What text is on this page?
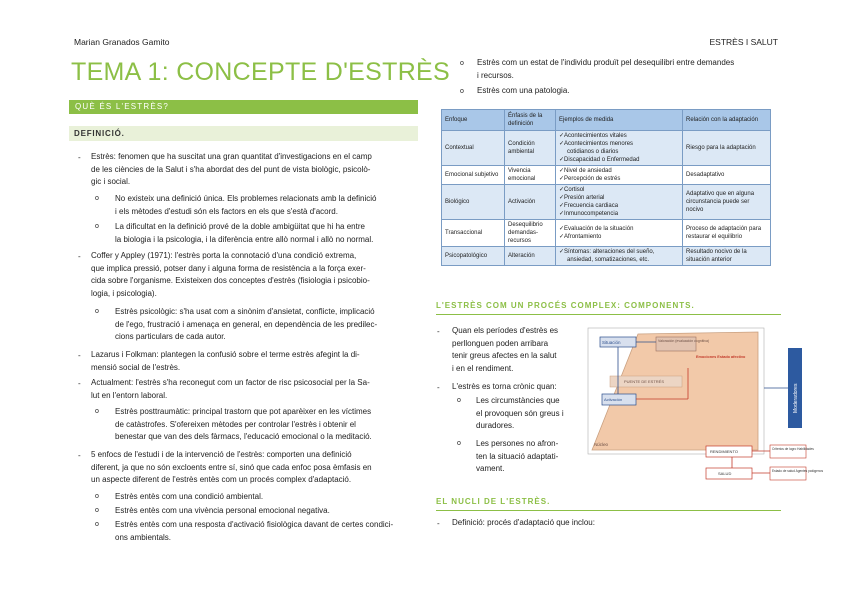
Marian Granados Gamito	ESTRÈS I SALUT
TEMA 1: CONCEPTE D'ESTRÈS
QUÈ ÉS L'ESTRÈS?
DEFINICIÓ.
- Estrès: fenomen que ha suscitat una gran quantitat d'investigacions en el camp
de les ciències de la Salut i s'ha abordat des del punt de vista biològic, psicolò-
gic i social.
o No existeix una definició única. Els problemes relacionats amb la definició
i els mètodes d'estudi són els factors en els que s'està d'acord.
o La dificultat en la definició prové de la doble ambigüitat que hi ha entre
la biologia i la psicologia, i la diferència entre allò normal i allò no normal.
- Coffer y Appley (1971): l'estrès porta la connotació d'una condició extrema,
que implica pressió, potser dany i alguna forma de resistència a la força exer-
cida sobre l'organisme. Existeixen dos conceptes d'estrès (fisiologia i psicobio-
logia, i psicologia).
o Estrès psicològic: s'ha usat com a sinònim d'ansietat, conflicte, implicació
de l'ego, frustració i amenaça en general, en dependència de les predilec-
cions particulars de cada autor.
- Lazarus i Folkman: plantegen la confusió sobre el terme estrès afegint la di-
mensió social de l'estrès.
- Actualment: l'estrès s'ha reconegut com un factor de risc psicosocial per la Sa-
lut en l'entorn laboral.
o Estrès posttraumàtic: principal trastorn que pot aparèixer en les víctimes
de catàstrofes. S'ofereixen mètodes per controlar l'estrès i obtenir el
benestar que van des dels fàrmacs, l'educació emocional o la meditació.
- 5 enfocs de l'estudi i de la intervenció de l'estrès: comporten una definició
diferent, ja que no són excloents entre sí, sinó que cada enfoc posa èmfasis en
un aspecte diferent de l'estrès entès com un procés complex d'adaptació.
o Estrès entès com una condició ambiental.
o Estrès entès com una vivència personal emocional negativa.
o Estrès entès com una resposta d'activació fisiològica davant de certes condici-
ons ambientals.
o Estrès com un estat de l'individu produït pel desequilibri entre demandes
i recursos.
o Estrès com una patologia.
Enfoque	Énfasis de la definición	Ejemplos de medida	Relación con la adaptación
Contextual	Condición ambiental	✓Acontecimientos vitales
✓Acontecimientos menores
cotidianos o diarios
✓Discapacidad o Enfermedad	Riesgo para la adaptación
Emocional subjetivo	Vivencia emocional	✓Nivel de ansiedad
✓Percepción de estrés	Desadaptativo
Biológico	Activación	✓Cortisol
✓Presión arterial
✓Frecuencia cardiaca
✓Inmunocompetencia	Adaptativo que en alguna circunstancia puede ser nocivo
Transaccional	Desequilibrio demandas-recursos	✓Evaluación de la situación
✓Afrontamiento	Proceso de adaptación para restaurar el equilibrio
Psicopatológico	Alteración	✓Síntomas: alteraciones del sueño,
ansiedad, somatizaciones, etc.	Resultado nocivo de la situación anterior
L'ESTRÈS COM UN PROCÉS COMPLEX: COMPONENTS.
- Quan els períodes d'estrès es
perllonguen poden arribara
tenir greus afectes en la salut
i en el rendiment.
- L'estrès es torna crònic quan:
o Les circumstàncies que
el provoquen són greus i
duradores.
o Les persones no afron-
ten la situació adaptati-
vament.
Situación	Valoración (evaluación cognitiva)
Emociones Estado afectivo
PUENTE DE ESTRÉS
Activación
Núcleo
Moderadores
RENDIMIENTO
SALUD
Criterios de logro Habilidades
Estado de salud Agentes patógenos
EL NUCLI DE L'ESTRÈS.
- Definició: procés d'adaptació que inclou:
